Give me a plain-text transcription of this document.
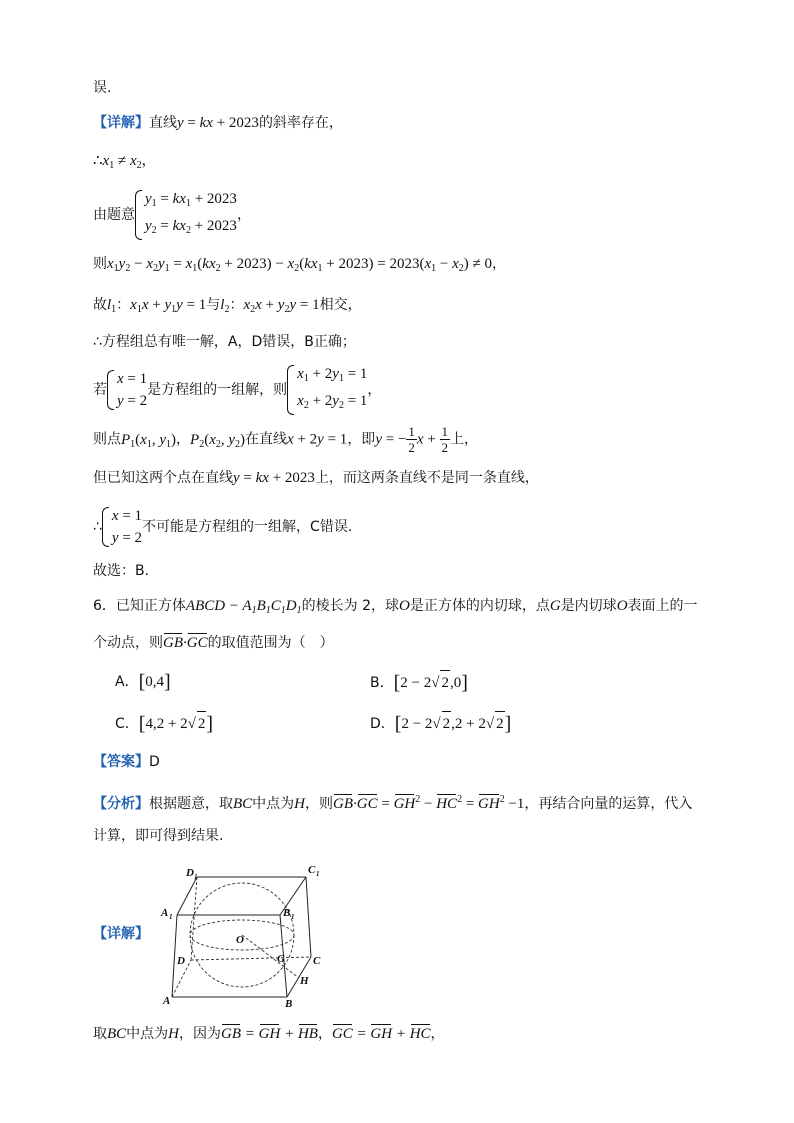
误.
【详解】直线y = kx + 2023的斜率存在，
$\therefore x_1 \ne x_2$，
由题意
$y_1 = kx_1 + 2023$
$y_2 = kx_2 + 2023$
，
则$x_1y_2 - x_2y_1 = x_1(kx_2 + 2023) - x_2(kx_1 + 2023) = 2023(x_1 - x_2) \ne 0$，
故$l_1$：$x_1x + y_1y = 1$与$l_2$：$x_2x + y_2y = 1$相交，
∴方程组总有唯一解，A，D错误，B正确；
若
x = 1
y = 2
是方程组的一组解，则
$x_1 + 2y_1 = 1$
$x_2 + 2y_2 = 1$
，
则点$P_1(x_1$, $y_1$)，$P_2(x_2$, $y_2$)在直线x + 2y = 1，即y = − $\frac{1}{2}$ $x + \frac{1}{2}$ 上，
但已知这两个点在直线y = kx + 2023上，而这两条直线不是同一条直线，
∴
x = 1
y = 2
不可能是方程组的一组解，C错误.
故选：B.
6．已知正方体ABCD − $A_1B_1C_1D_1$的棱长为 2，球O是正方体的内切球，点G是内切球O表面上的一
个动点，则GB·GC的取值范围为（　）
A．[0,4]	B．[2 − 2√ 2,0]
C．[4,2 + 2√ 2]	D．[2 − 2√ 2,2 + 2√ 2]
【答案】D
【分析】根据题意，取BC中点为H，则$GB\cdot GC = GH^2 - HC^2 = GH^2 -1$，再结合向量的运算，代入
计算，即可得到结果.
【详解】
D 1
C 1
A 1	B 1
O
D	G	C
H
A	B
取BC中点为H，因为GB = GH + HB，GC = GH + HC，
